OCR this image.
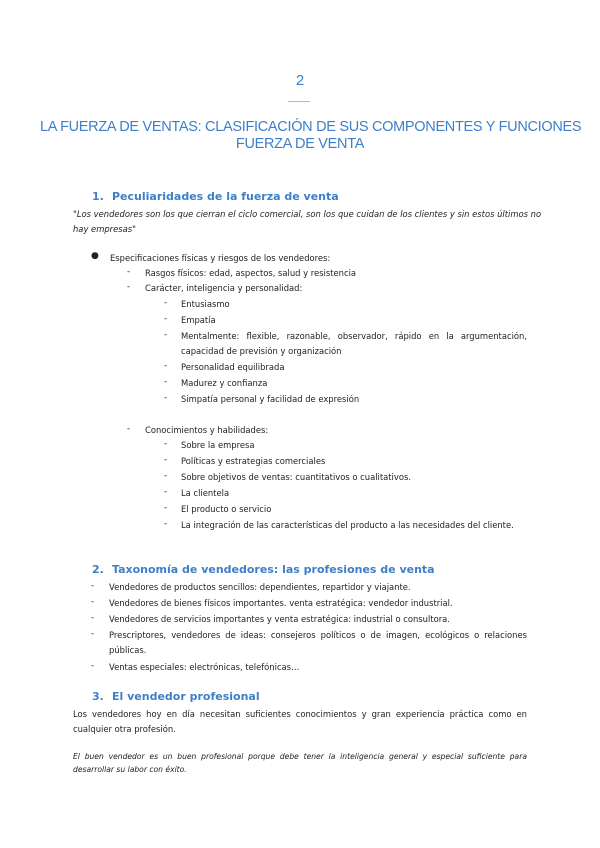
2
LA FUERZA DE VENTAS: CLASIFICACIÓN DE SUS COMPONENTES Y FUNCIONES
FUERZA DE VENTA
1. Peculiaridades de la fuerza de venta
"Los vendedores son los que cierran el ciclo comercial, son los que cuidan de los clientes y sin estos últimos no
hay empresas"
● Especificaciones físicas y riesgos de los vendedores:
- Rasgos físicos: edad, aspectos, salud y resistencia
- Carácter, inteligencia y personalidad:
- Entusiasmo
- Empatía
- Mentalmente: flexible, razonable, observador, rápido en la argumentación, capacidad de previsión y organización
- Personalidad equilibrada
- Madurez y confianza
- Simpatía personal y facilidad de expresión
- Conocimientos y habilidades:
- Sobre la empresa
- Políticas y estrategias comerciales
- Sobre objetivos de ventas: cuantitativos o cualitativos.
- La clientela
- El producto o servicio
- La integración de las características del producto a las necesidades del cliente.
2. Taxonomía de vendedores: las profesiones de venta
- Vendedores de productos sencillos: dependientes, repartidor y viajante.
- Vendedores de bienes físicos importantes. venta estratégica: vendedor industrial.
- Vendedores de servicios importantes y venta estratégica: industrial o consultora.
- Prescriptores, vendedores de ideas: consejeros políticos o de imagen, ecológicos o relaciones públicas.
- Ventas especiales: electrónicas, telefónicas…
3. El vendedor profesional
Los vendedores hoy en día necesitan suficientes conocimientos y gran experiencia práctica como en cualquier otra profesión.
El buen vendedor es un buen profesional porque debe tener la inteligencia general y especial suficiente para desarrollar su labor con éxito.
